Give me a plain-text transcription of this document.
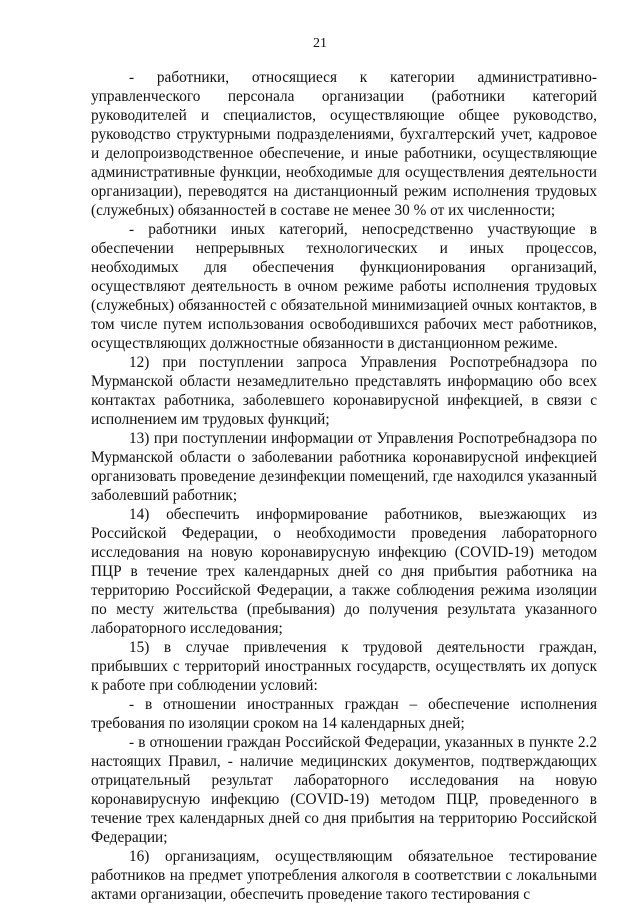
21

- работники, относящиеся к категории административно-управленческого персонала организации (работники категорий руководителей и специалистов, осуществляющие общее руководство, руководство структурными подразделениями, бухгалтерский учет, кадровое и делопроизводственное обеспечение, и иные работники, осуществляющие административные функции, необходимые для осуществления деятельности организации), переводятся на дистанционный режим исполнения трудовых (служебных) обязанностей в составе не менее 30 % от их численности;

- работники иных категорий, непосредственно участвующие в обеспечении непрерывных технологических и иных процессов, необходимых для обеспечения функционирования организаций, осуществляют деятельность в очном режиме работы исполнения трудовых (служебных) обязанностей с обязательной минимизацией очных контактов, в том числе путем использования освободившихся рабочих мест работников, осуществляющих должностные обязанности в дистанционном режиме.

12) при поступлении запроса Управления Роспотребнадзора по Мурманской области незамедлительно представлять информацию обо всех контактах работника, заболевшего коронавирусной инфекцией, в связи с исполнением им трудовых функций;

13) при поступлении информации от Управления Роспотребнадзора по Мурманской области о заболевании работника коронавирусной инфекцией организовать проведение дезинфекции помещений, где находился указанный заболевший работник;

14) обеспечить информирование работников, выезжающих из Российской Федерации, о необходимости проведения лабораторного исследования на новую коронавирусную инфекцию (COVID-19) методом ПЦР в течение трех календарных дней со дня прибытия работника на территорию Российской Федерации, а также соблюдения режима изоляции по месту жительства (пребывания) до получения результата указанного лабораторного исследования;

15) в случае привлечения к трудовой деятельности граждан, прибывших с территорий иностранных государств, осуществлять их допуск к работе при соблюдении условий:

- в отношении иностранных граждан – обеспечение исполнения требования по изоляции сроком на 14 календарных дней;

- в отношении граждан Российской Федерации, указанных в пункте 2.2 настоящих Правил, - наличие медицинских документов, подтверждающих отрицательный результат лабораторного исследования на новую коронавирусную инфекцию (COVID-19) методом ПЦР, проведенного в течение трех календарных дней со дня прибытия на территорию Российской Федерации;

16) организациям, осуществляющим обязательное тестирование работников на предмет употребления алкоголя в соответствии с локальными актами организации, обеспечить проведение такого тестирования с
